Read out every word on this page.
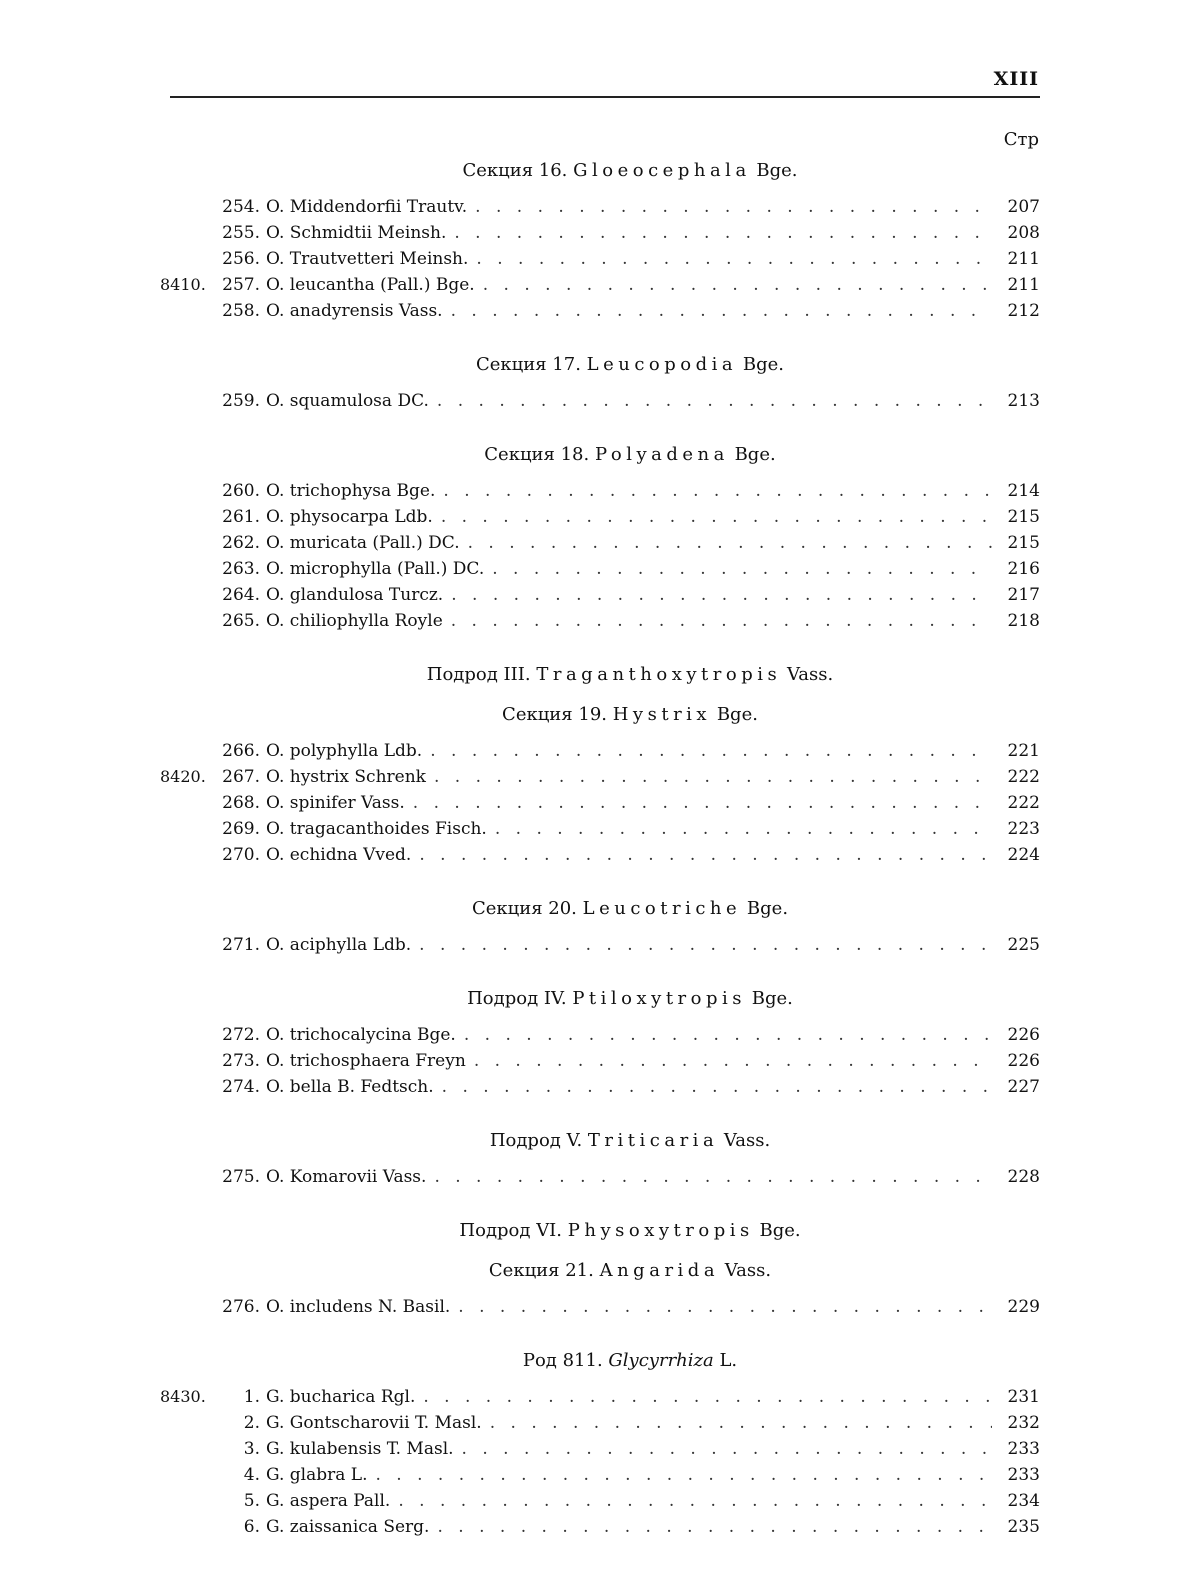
XIII
Стр
Секция 16. Gloeocephala Bge.
254. O. Middendorfii Trautv. . . .	207
255. O. Schmidtii Meinsh. . . .	208
256. O. Trautvetteri Meinsh. . . .	211
8410. 257. O. leucantha (Pall.) Bge. . . .	211
258. O. anadyrensis Vass. . . .	212
Секция 17. Leucopodia Bge.
259. O. squamulosa DC. . . .	213
Секция 18. Polyadena Bge.
260. O. trichophysa Bge. . . .	214
261. O. physocarpa Ldb. . . .	215
262. O. muricata (Pall.) DC. . . .	215
263. O. microphylla (Pall.) DC. . . .	216
264. O. glandulosa Turcz. . . .	217
265. O. chiliophylla Royle . . .	218
Подрод III. Traganthoxytropis Vass.
Секция 19. Hystrix Bge.
266. O. polyphylla Ldb. . . .	221
8420. 267. O. hystrix Schrenk . . .	222
268. O. spinifer Vass. . . .	222
269. O. tragacanthoides Fisch. . . .	223
270. O. echidna Vved. . . .	224
Секция 20. Leucotriche Bge.
271. O. aciphylla Ldb. . . .	225
Подрод IV. Ptiloxytropis Bge.
272. O. trichocalycina Bge. . . .	226
273. O. trichosphaera Freyn . . .	226
274. O. bella B. Fedtsch. . . .	227
Подрод V. Triticaria Vass.
275. O. Komarovii Vass. . . .	228
Подрод VI. Physoxytropis Bge.
Секция 21. Angarida Vass.
276. O. includens N. Basil. . . .	229
Род 811. Glycyrrhiza L.
8430.	1. G. bucharica Rgl. . . .	231
2. G. Gontscharovii T. Masl. . . .	232
3. G. kulabensis T. Masl. . . .	233
4. G. glabra L. . . .	233
5. G. aspera Pall. . . .	234
6. G. zaissanica Serg. . . .	235
